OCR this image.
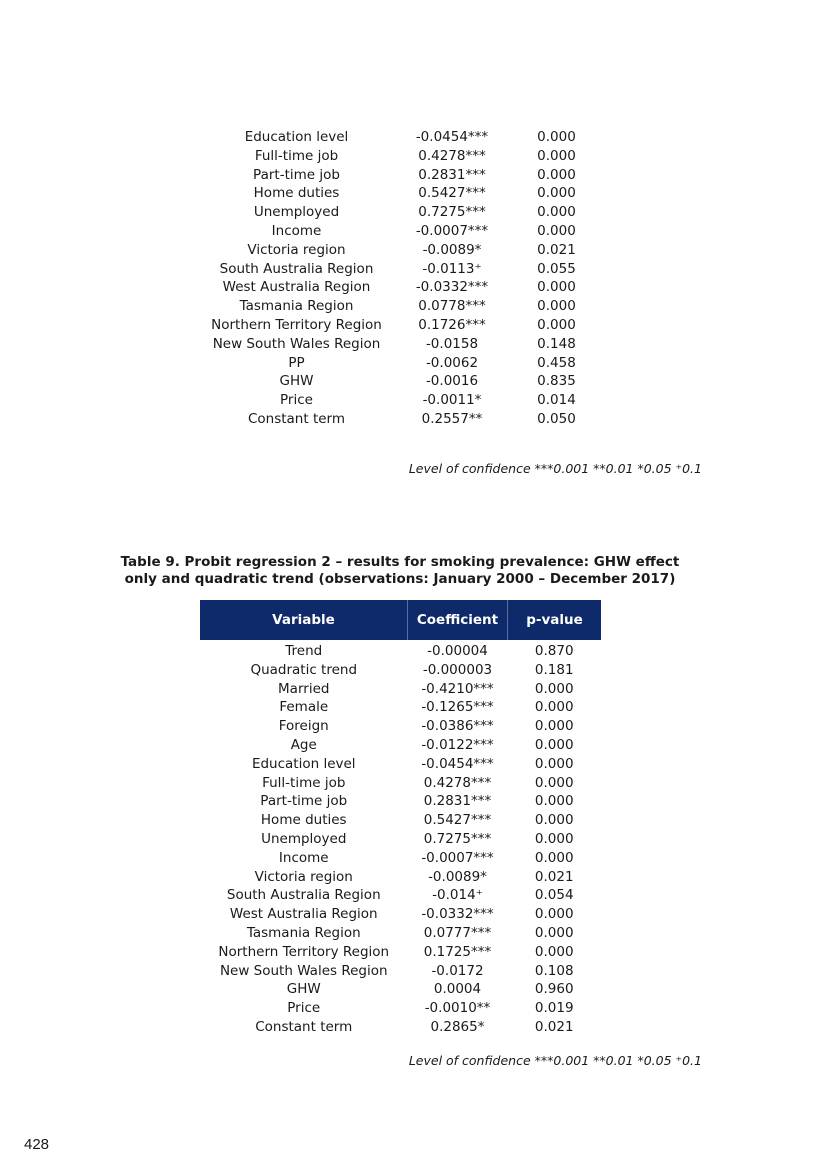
Education level	-0.0454***	0.000
Full-time job	0.4278***	0.000
Part-time job	0.2831***	0.000
Home duties	0.5427***	0.000
Unemployed	0.7275***	0.000
Income	-0.0007***	0.000
Victoria region	-0.0089*	0.021
South Australia Region	-0.0113⁺	0.055
West Australia Region	-0.0332***	0.000
Tasmania Region	0.0778***	0.000
Northern Territory Region	0.1726***	0.000
New South Wales Region	-0.0158	0.148
PP	-0.0062	0.458
GHW	-0.0016	0.835
Price	-0.0011*	0.014
Constant term	0.2557**	0.050
Level of confidence ***0.001 **0.01 *0.05 ⁺0.1
Table 9. Probit regression 2 – results for smoking prevalence: GHW effect
only and quadratic trend (observations: January 2000 – December 2017)
Variable	Coefficient	p-value
Trend	-0.00004	0.870
Quadratic trend	-0.000003	0.181
Married	-0.4210***	0.000
Female	-0.1265***	0.000
Foreign	-0.0386***	0.000
Age	-0.0122***	0.000
Education level	-0.0454***	0.000
Full-time job	0.4278***	0.000
Part-time job	0.2831***	0.000
Home duties	0.5427***	0.000
Unemployed	0.7275***	0.000
Income	-0.0007***	0.000
Victoria region	-0.0089*	0.021
South Australia Region	-0.014⁺	0.054
West Australia Region	-0.0332***	0.000
Tasmania Region	0.0777***	0.000
Northern Territory Region	0.1725***	0.000
New South Wales Region	-0.0172	0.108
GHW	0.0004	0.960
Price	-0.0010**	0.019
Constant term	0.2865*	0.021
Level of confidence ***0.001 **0.01 *0.05 ⁺0.1
428
